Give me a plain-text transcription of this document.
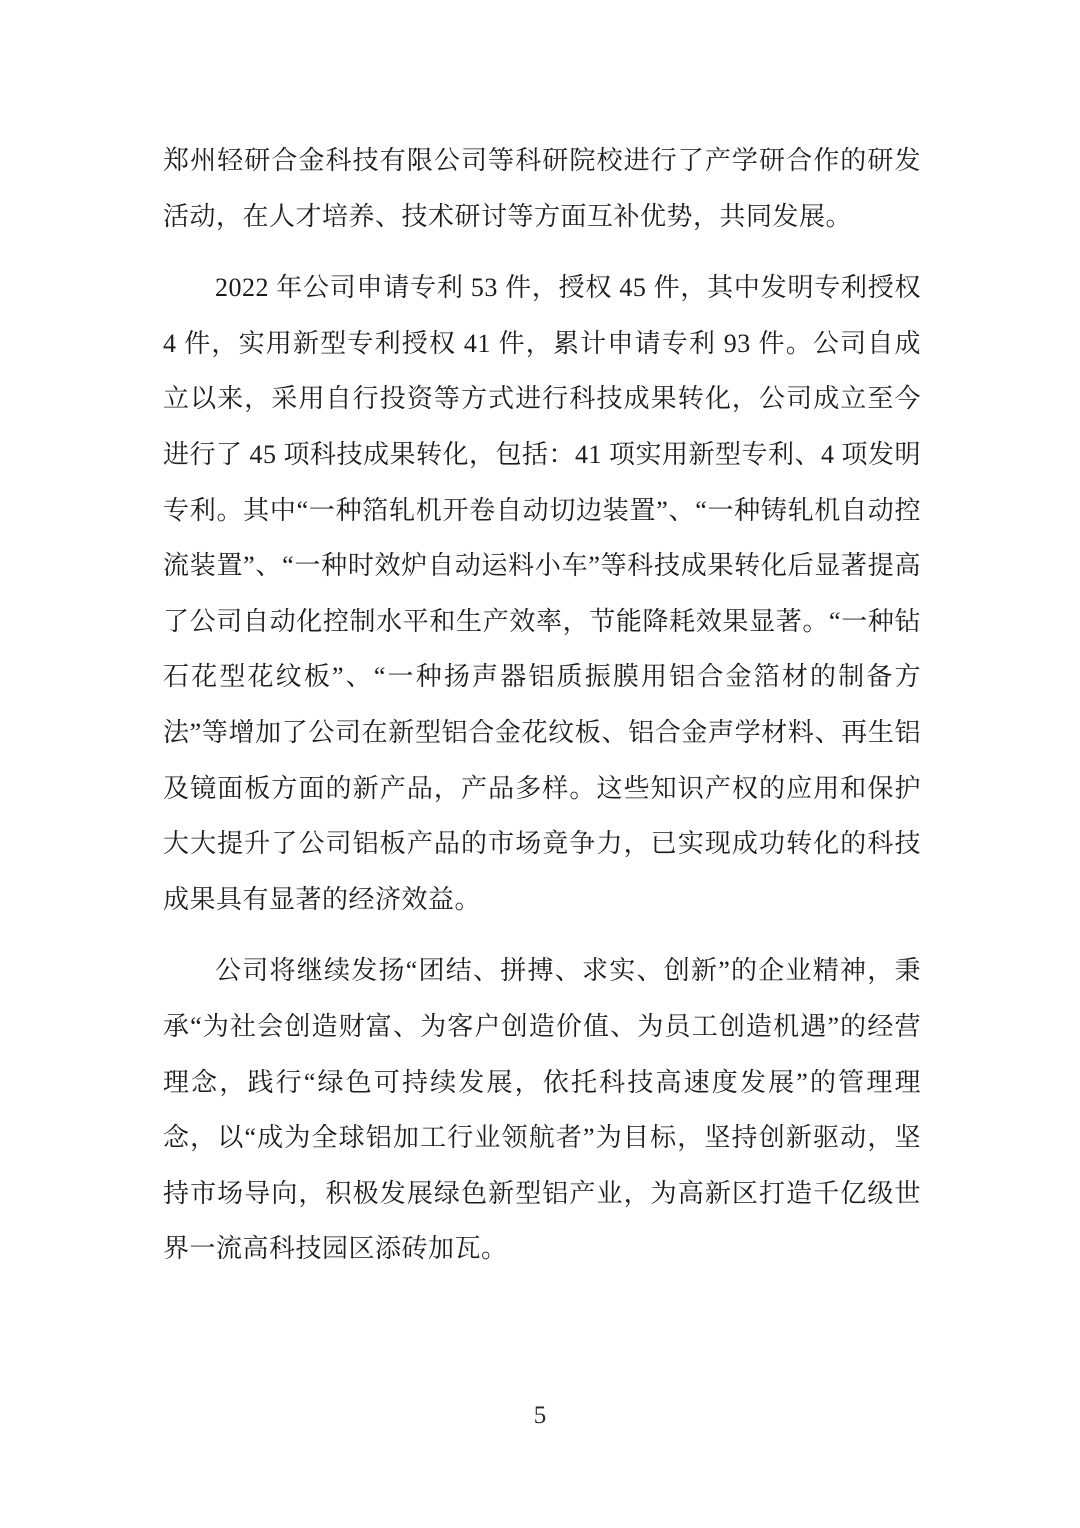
郑州轻研合金科技有限公司等科研院校进行了产学研合作的研发活动，在人才培养、技术研讨等方面互补优势，共同发展。

2022 年公司申请专利 53 件，授权 45 件，其中发明专利授权 4 件，实用新型专利授权 41 件，累计申请专利 93 件。公司自成立以来，采用自行投资等方式进行科技成果转化，公司成立至今进行了 45 项科技成果转化，包括：41 项实用新型专利、4 项发明专利。其中“一种箔轧机开卷自动切边装置”、“一种铸轧机自动控流装置”、“一种时效炉自动运料小车”等科技成果转化后显著提高了公司自动化控制水平和生产效率，节能降耗效果显著。“一种钻石花型花纹板”、“一种扬声器铝质振膜用铝合金箔材的制备方法”等增加了公司在新型铝合金花纹板、铝合金声学材料、再生铝及镜面板方面的新产品，产品多样。这些知识产权的应用和保护大大提升了公司铝板产品的市场竟争力，已实现成功转化的科技成果具有显著的经济效益。

公司将继续发扬“团结、拼搏、求实、创新”的企业精神，秉承“为社会创造财富、为客户创造价值、为员工创造机遇”的经营理念，践行“绿色可持续发展，依托科技高速度发展”的管理理念，以“成为全球铝加工行业领航者”为目标，坚持创新驱动，坚持市场导向，积极发展绿色新型铝产业，为高新区打造千亿级世界一流高科技园区添砖加瓦。

5
